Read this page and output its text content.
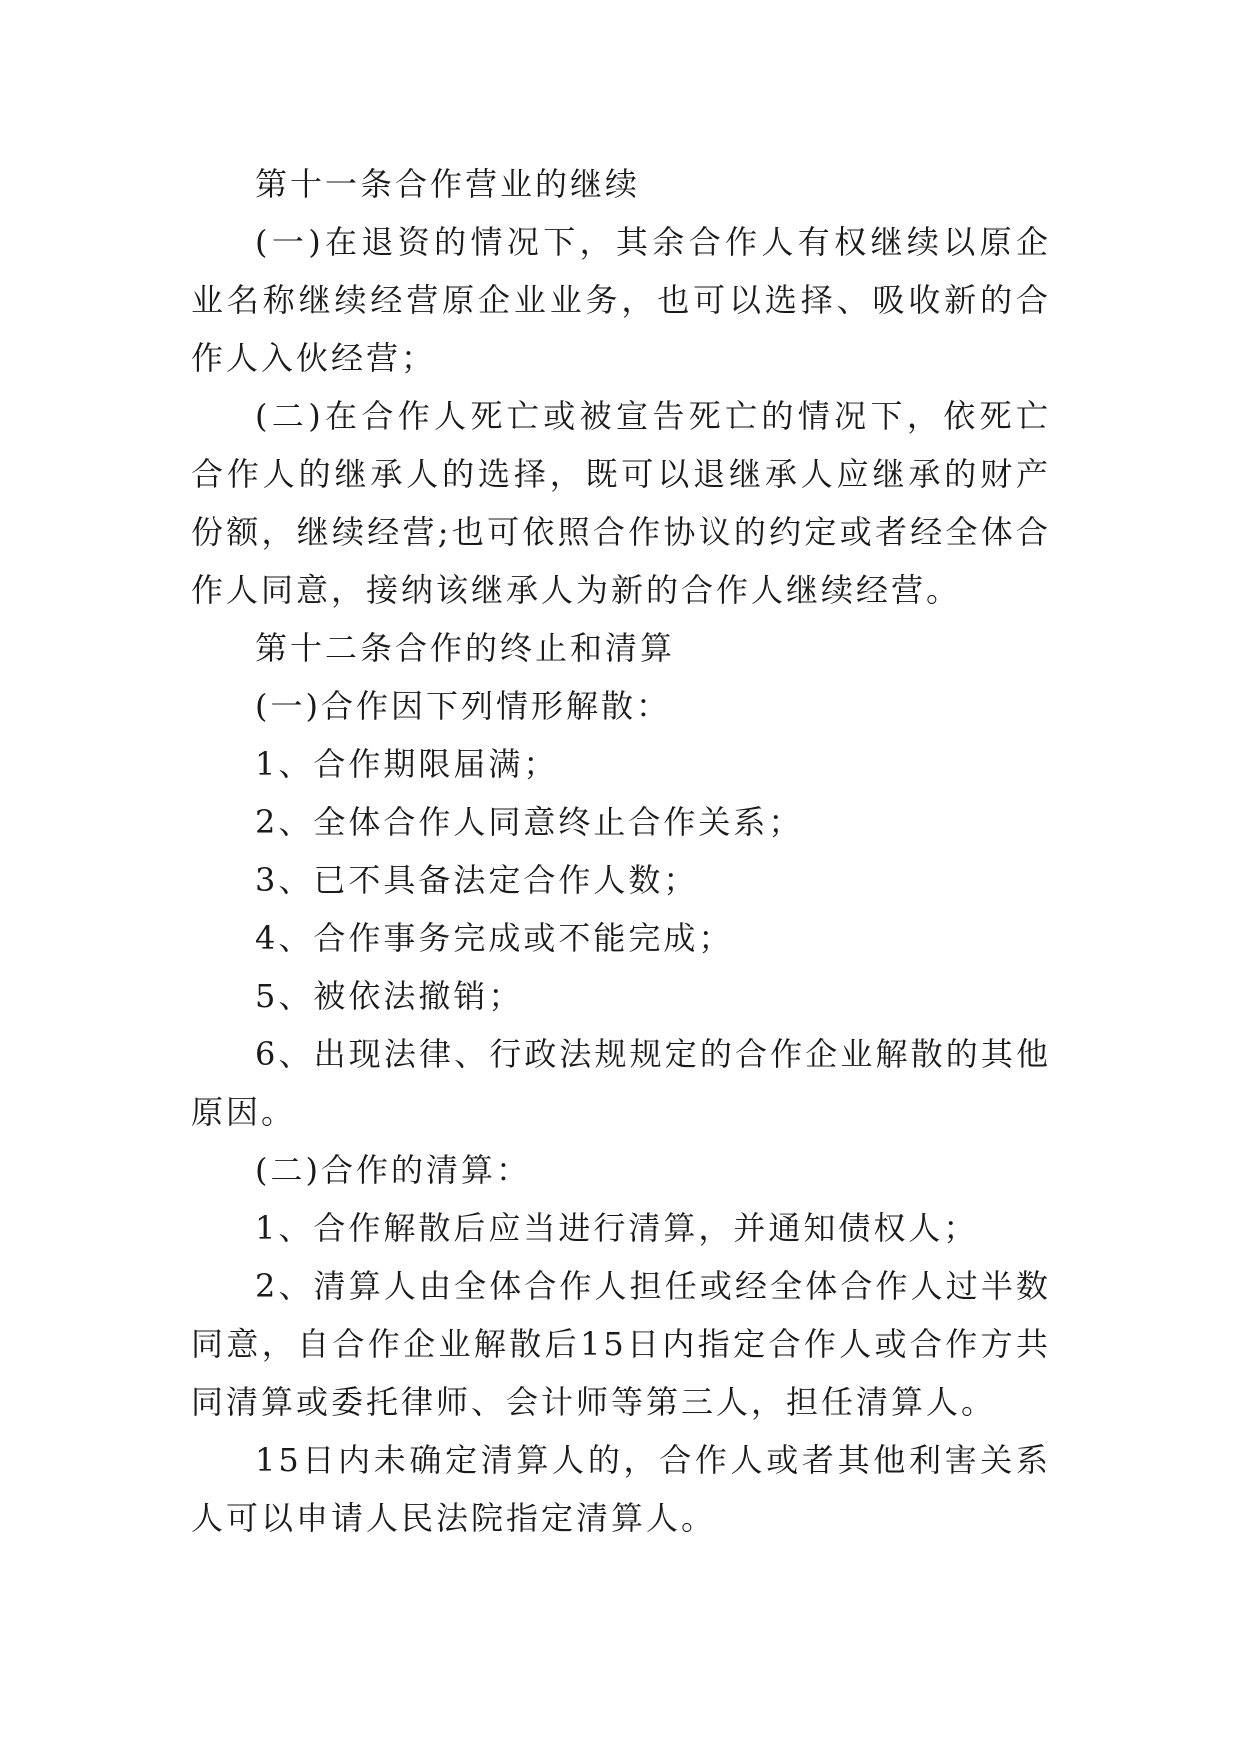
第十一条合作营业的继续

(一)在退资的情况下，其余合作人有权继续以原企业名称继续经营原企业业务，也可以选择、吸收新的合作人入伙经营；

(二)在合作人死亡或被宣告死亡的情况下，依死亡合作人的继承人的选择，既可以退继承人应继承的财产份额，继续经营;也可依照合作协议的约定或者经全体合作人同意，接纳该继承人为新的合作人继续经营。

第十二条合作的终止和清算

(一)合作因下列情形解散：

1、合作期限届满；

2、全体合作人同意终止合作关系；

3、已不具备法定合作人数；

4、合作事务完成或不能完成；

5、被依法撤销；

6、出现法律、行政法规规定的合作企业解散的其他原因。

(二)合作的清算：

1、合作解散后应当进行清算，并通知债权人；

2、清算人由全体合作人担任或经全体合作人过半数同意，自合作企业解散后15日内指定合作人或合作方共同清算或委托律师、会计师等第三人，担任清算人。

15日内未确定清算人的，合作人或者其他利害关系人可以申请人民法院指定清算人。
